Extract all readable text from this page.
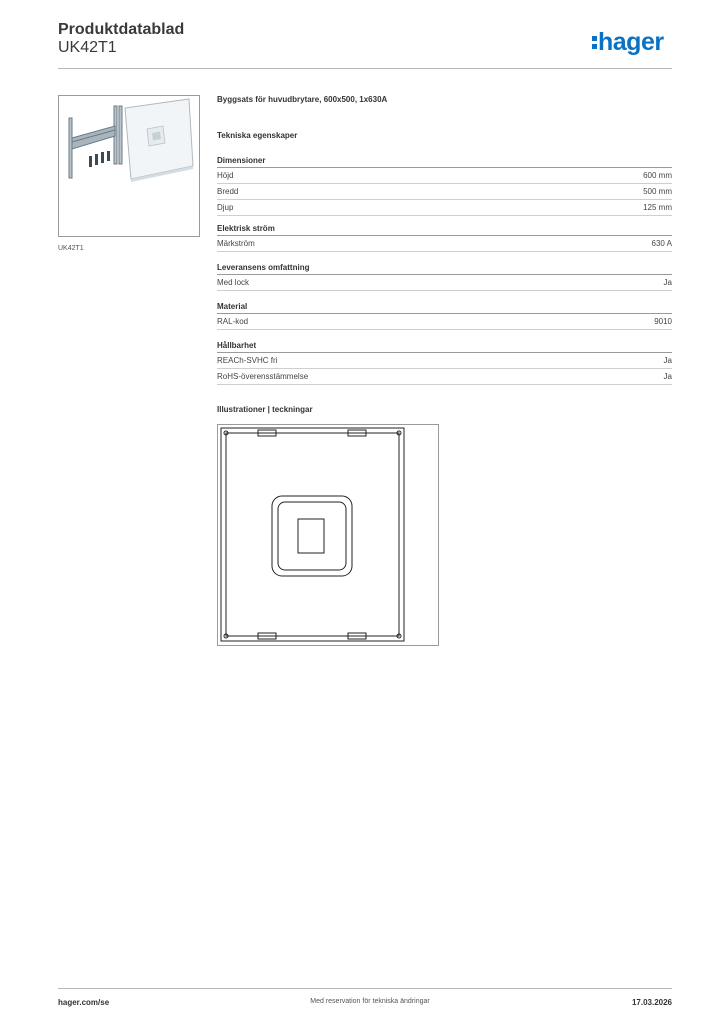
Produktdatablad
UK42T1	hager
UK42T1
Byggsats för huvudbrytare, 600x500, 1x630A
Tekniska egenskaper
Dimensioner
Höjd	600 mm
Bredd	500 mm
Djup	125 mm
Elektrisk ström
Märkström	630 A
Leveransens omfattning
Med lock	Ja
Material
RAL-kod	9010
Hållbarhet
REACh-SVHC fri	Ja
RoHS-överensstämmelse	Ja
Illustrationer | teckningar
hager.com/se	Med reservation för tekniska ändringar	17.03.2026
